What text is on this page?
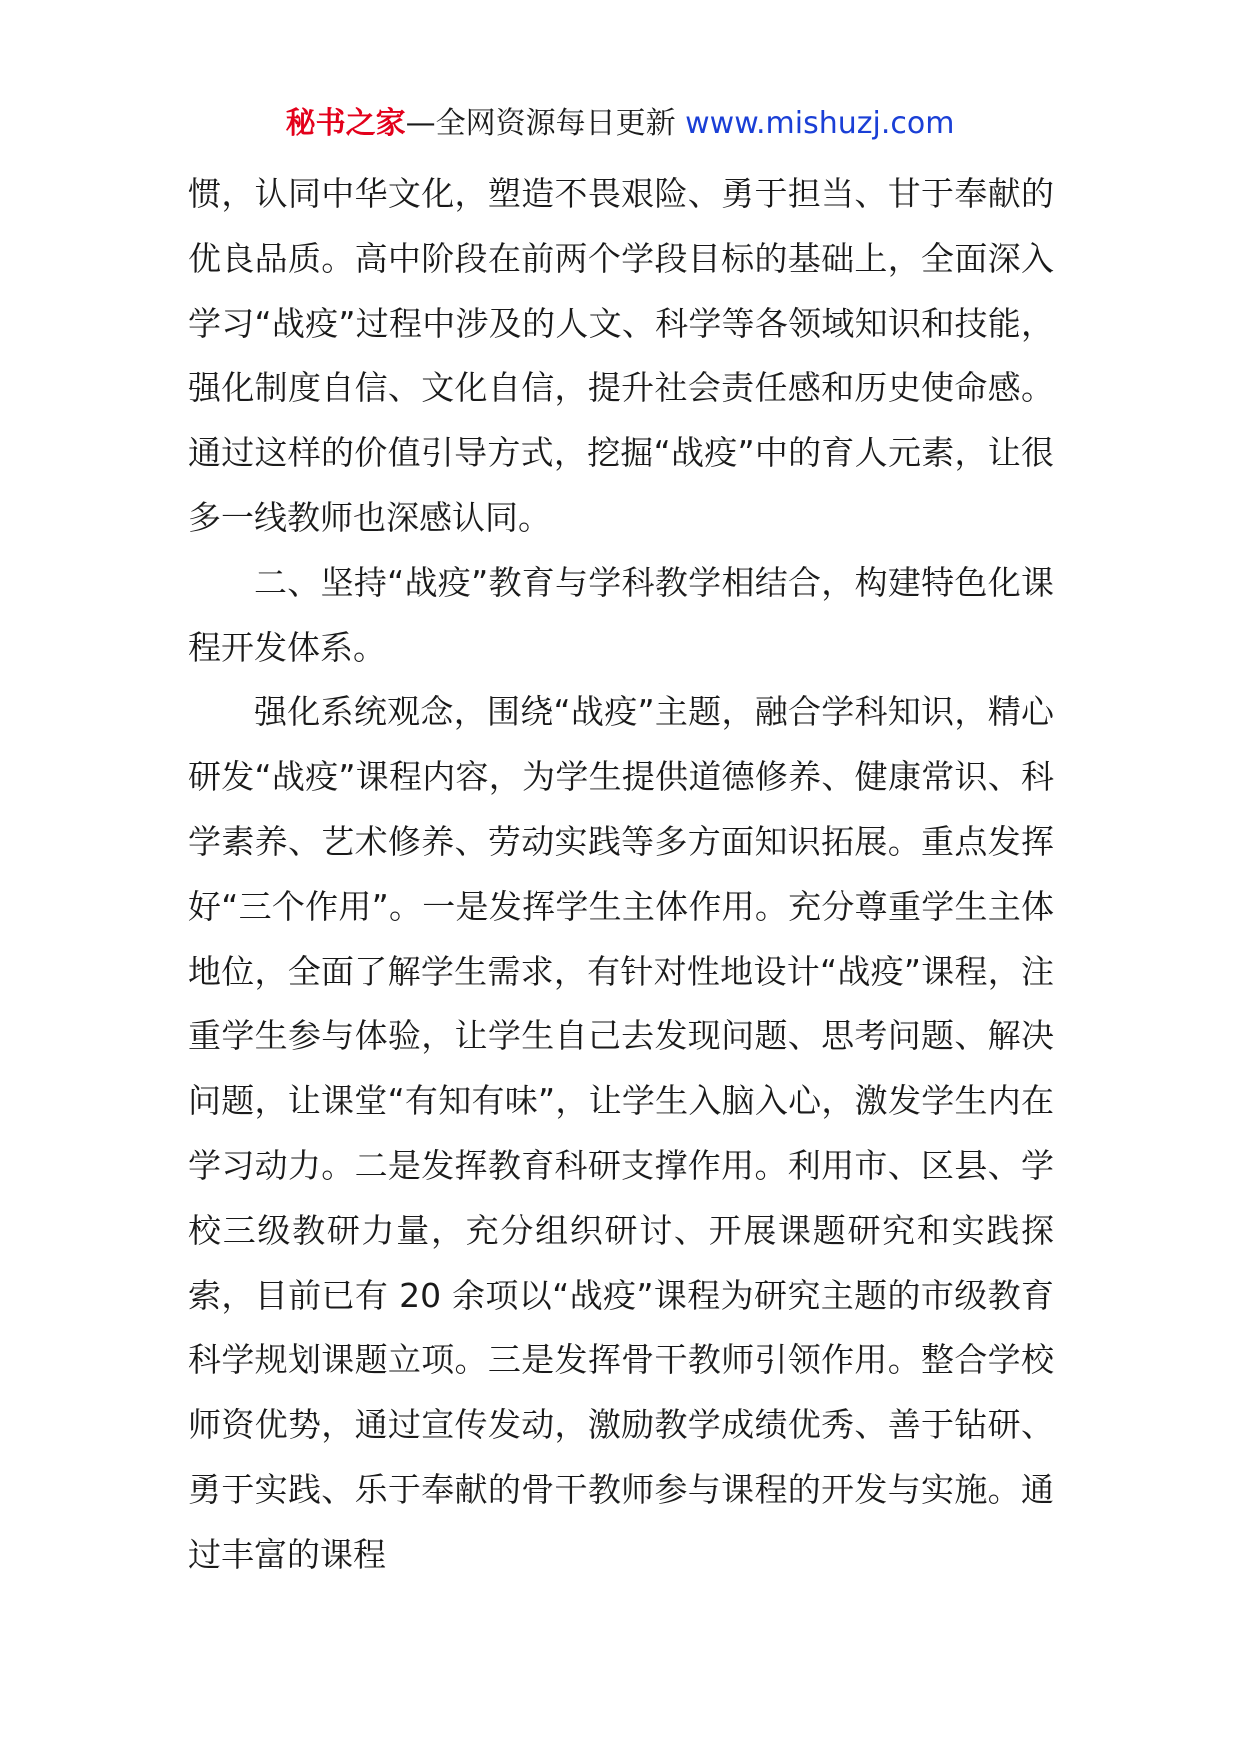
秘书之家—全网资源每日更新 www.mishuzj.com

惯，认同中华文化，塑造不畏艰险、勇于担当、甘于奉献的优良品质。高中阶段在前两个学段目标的基础上，全面深入学习“战疫”过程中涉及的人文、科学等各领域知识和技能，强化制度自信、文化自信，提升社会责任感和历史使命感。通过这样的价值引导方式，挖掘“战疫”中的育人元素，让很多一线教师也深感认同。

二、坚持“战疫”教育与学科教学相结合，构建特色化课程开发体系。

强化系统观念，围绕“战疫”主题，融合学科知识，精心研发“战疫”课程内容，为学生提供道德修养、健康常识、科学素养、艺术修养、劳动实践等多方面知识拓展。重点发挥好“三个作用”。一是发挥学生主体作用。充分尊重学生主体地位，全面了解学生需求，有针对性地设计“战疫”课程，注重学生参与体验，让学生自己去发现问题、思考问题、解决问题，让课堂“有知有味”，让学生入脑入心，激发学生内在学习动力。二是发挥教育科研支撑作用。利用市、区县、学校三级教研力量，充分组织研讨、开展课题研究和实践探索，目前已有 20 余项以“战疫”课程为研究主题的市级教育科学规划课题立项。三是发挥骨干教师引领作用。整合学校师资优势，通过宣传发动，激励教学成绩优秀、善于钻研、勇于实践、乐于奉献的骨干教师参与课程的开发与实施。通过丰富的课程
